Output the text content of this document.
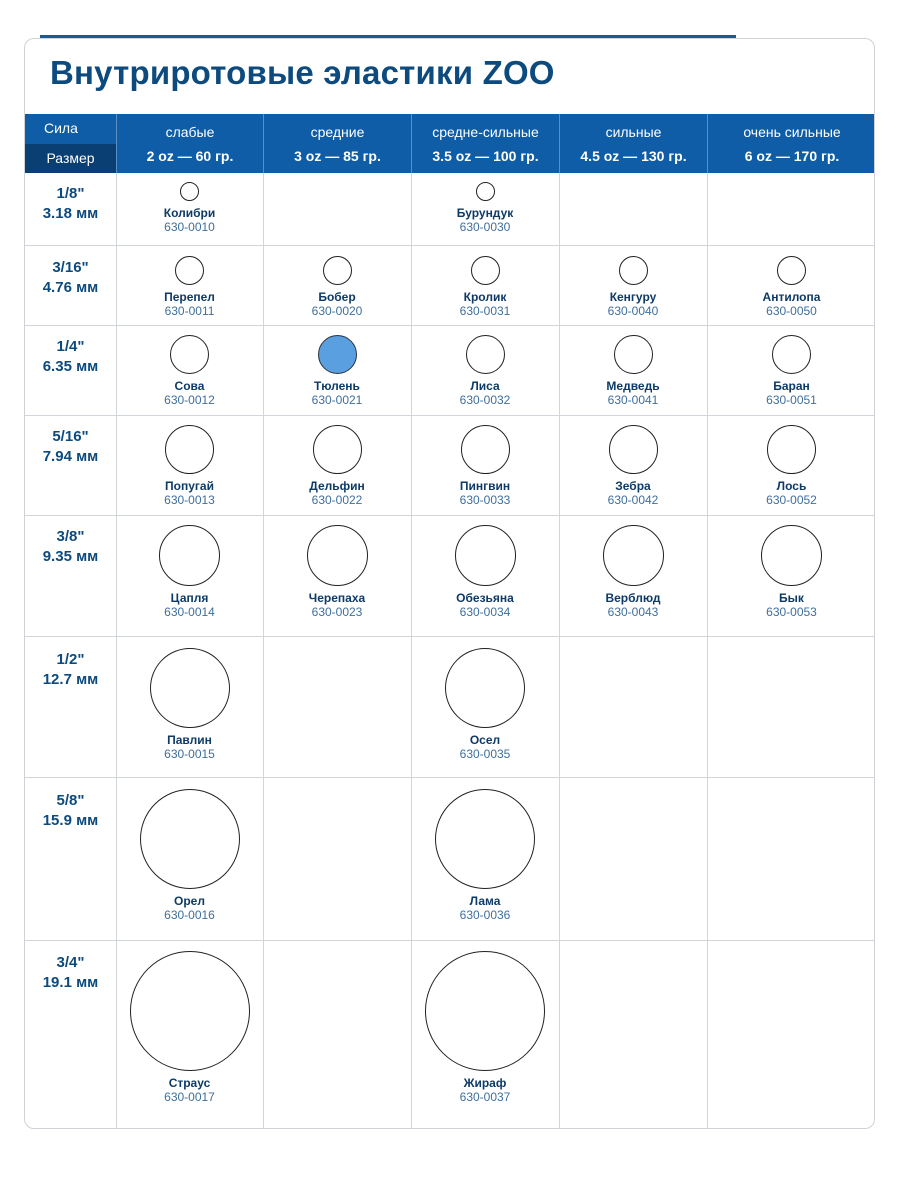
Внутриротовые эластики ZOO
Сила
Размер
слабые
2 oz — 60 гр.
средние
3 oz — 85 гр.
средне-сильные
3.5 oz — 100 гр.
сильные
4.5 oz — 130 гр.
очень сильные
6 oz — 170 гр.
1/8"
3.18 мм	Колибри
630-0010
Бурундук
630-0030
3/16"
4.76 мм
Перепел
630-0011
Бобер
630-0020
Кролик
630-0031
Кенгуру
630-0040
Антилопа
630-0050
1/4"
6.35 мм
Сова
630-0012
Тюлень
630-0021
Лиса
630-0032
Медведь
630-0041
Баран
630-0051
5/16"
7.94 мм
Попугай
630-0013
Дельфин
630-0022
Пингвин
630-0033
Зебра
630-0042
Лось
630-0052
3/8"
9.35 мм
Цапля
630-0014
Черепаха
630-0023
Обезьяна
630-0034
Верблюд
630-0043
Бык
630-0053
1/2"
12.7 мм
Павлин
630-0015
Осел
630-0035
5/8"
15.9 мм
Орел
630-0016
Лама
630-0036
3/4"
19.1 мм
Страус
630-0017
Жираф
630-0037
